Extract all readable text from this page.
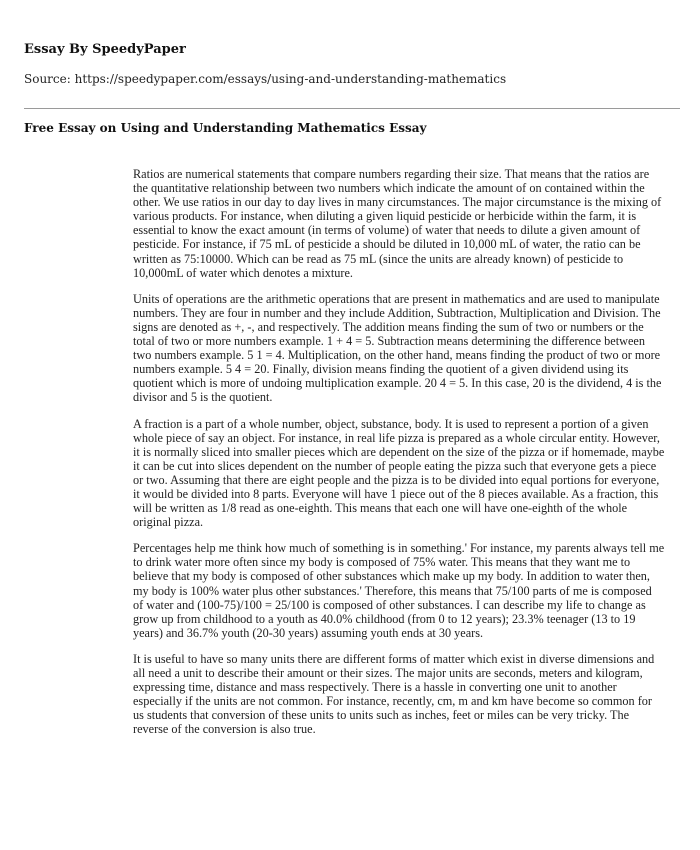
Essay By SpeedyPaper
Source: https://speedypaper.com/essays/using-and-understanding-mathematics
Free Essay on Using and Understanding Mathematics Essay

Ratios are numerical statements that compare numbers regarding their size. That means that the ratios are the quantitative relationship between two numbers which indicate the amount of on contained within the other. We use ratios in our day to day lives in many circumstances. The major circumstance is the mixing of various products. For instance, when diluting a given liquid pesticide or herbicide within the farm, it is essential to know the exact amount (in terms of volume) of water that needs to dilute a given amount of pesticide. For instance, if 75 mL of pesticide a should be diluted in 10,000 mL of water, the ratio can be written as 75:10000. Which can be read as 75 mL (since the units are already known) of pesticide to 10,000mL of water which denotes a mixture.

Units of operations are the arithmetic operations that are present in mathematics and are used to manipulate numbers. They are four in number and they include Addition, Subtraction, Multiplication and Division. The signs are denoted as +, -, and respectively. The addition means finding the sum of two or numbers or the total of two or more numbers example. 1 + 4 = 5. Subtraction means determining the difference between two numbers example. 5 1 = 4. Multiplication, on the other hand, means finding the product of two or more numbers example. 5 4 = 20. Finally, division means finding the quotient of a given dividend using its quotient which is more of undoing multiplication example. 20 4 = 5. In this case, 20 is the dividend, 4 is the divisor and 5 is the quotient.

A fraction is a part of a whole number, object, substance, body. It is used to represent a portion of a given whole piece of say an object. For instance, in real life pizza is prepared as a whole circular entity. However, it is normally sliced into smaller pieces which are dependent on the size of the pizza or if homemade, maybe it can be cut into slices dependent on the number of people eating the pizza such that everyone gets a piece or two. Assuming that there are eight people and the pizza is to be divided into equal portions for everyone, it would be divided into 8 parts. Everyone will have 1 piece out of the 8 pieces available. As a fraction, this will be written as 1/8 read as one-eighth. This means that each one will have one-eighth of the whole original pizza.

Percentages help me think how much of something is in something.' For instance, my parents always tell me to drink water more often since my body is composed of 75% water. This means that they want me to believe that my body is composed of other substances which make up my body. In addition to water then, my body is 100% water plus other substances.' Therefore, this means that 75/100 parts of me is composed of water and (100-75)/100 = 25/100 is composed of other substances. I can describe my life to change as grow up from childhood to a youth as 40.0% childhood (from 0 to 12 years); 23.3% teenager (13 to 19 years) and 36.7% youth (20-30 years) assuming youth ends at 30 years.

It is useful to have so many units there are different forms of matter which exist in diverse dimensions and all need a unit to describe their amount or their sizes. The major units are seconds, meters and kilogram, expressing time, distance and mass respectively. There is a hassle in converting one unit to another especially if the units are not common. For instance, recently, cm, m and km have become so common for us students that conversion of these units to units such as inches, feet or miles can be very tricky. The reverse of the conversion is also true.
